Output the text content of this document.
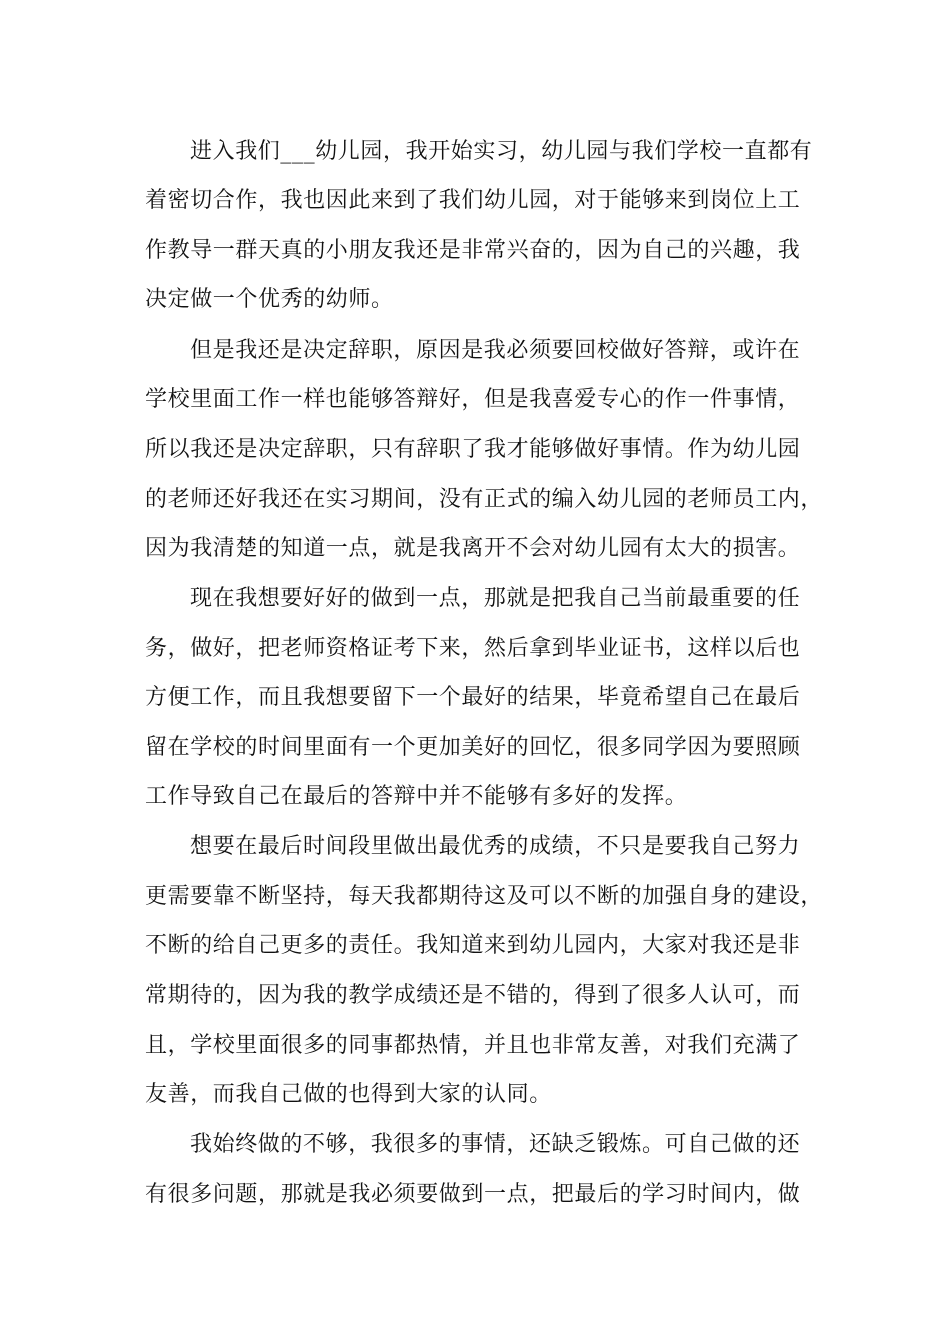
进入我们___幼儿园，我开始实习，幼儿园与我们学校一直都有
着密切合作，我也因此来到了我们幼儿园，对于能够来到岗位上工
作教导一群天真的小朋友我还是非常兴奋的，因为自己的兴趣，我
决定做一个优秀的幼师。
但是我还是决定辞职，原因是我必须要回校做好答辩，或许在
学校里面工作一样也能够答辩好，但是我喜爱专心的作一件事情，
所以我还是决定辞职，只有辞职了我才能够做好事情。作为幼儿园
的老师还好我还在实习期间，没有正式的编入幼儿园的老师员工内，
因为我清楚的知道一点，就是我离开不会对幼儿园有太大的损害。
现在我想要好好的做到一点，那就是把我自己当前最重要的任
务，做好，把老师资格证考下来，然后拿到毕业证书，这样以后也
方便工作，而且我想要留下一个最好的结果，毕竟希望自己在最后
留在学校的时间里面有一个更加美好的回忆，很多同学因为要照顾
工作导致自己在最后的答辩中并不能够有多好的发挥。
想要在最后时间段里做出最优秀的成绩，不只是要我自己努力
更需要靠不断坚持，每天我都期待这及可以不断的加强自身的建设，
不断的给自己更多的责任。我知道来到幼儿园内，大家对我还是非
常期待的，因为我的教学成绩还是不错的，得到了很多人认可，而
且，学校里面很多的同事都热情，并且也非常友善，对我们充满了
友善，而我自己做的也得到大家的认同。
我始终做的不够，我很多的事情，还缺乏锻炼。可自己做的还
有很多问题，那就是我必须要做到一点，把最后的学习时间内，做
